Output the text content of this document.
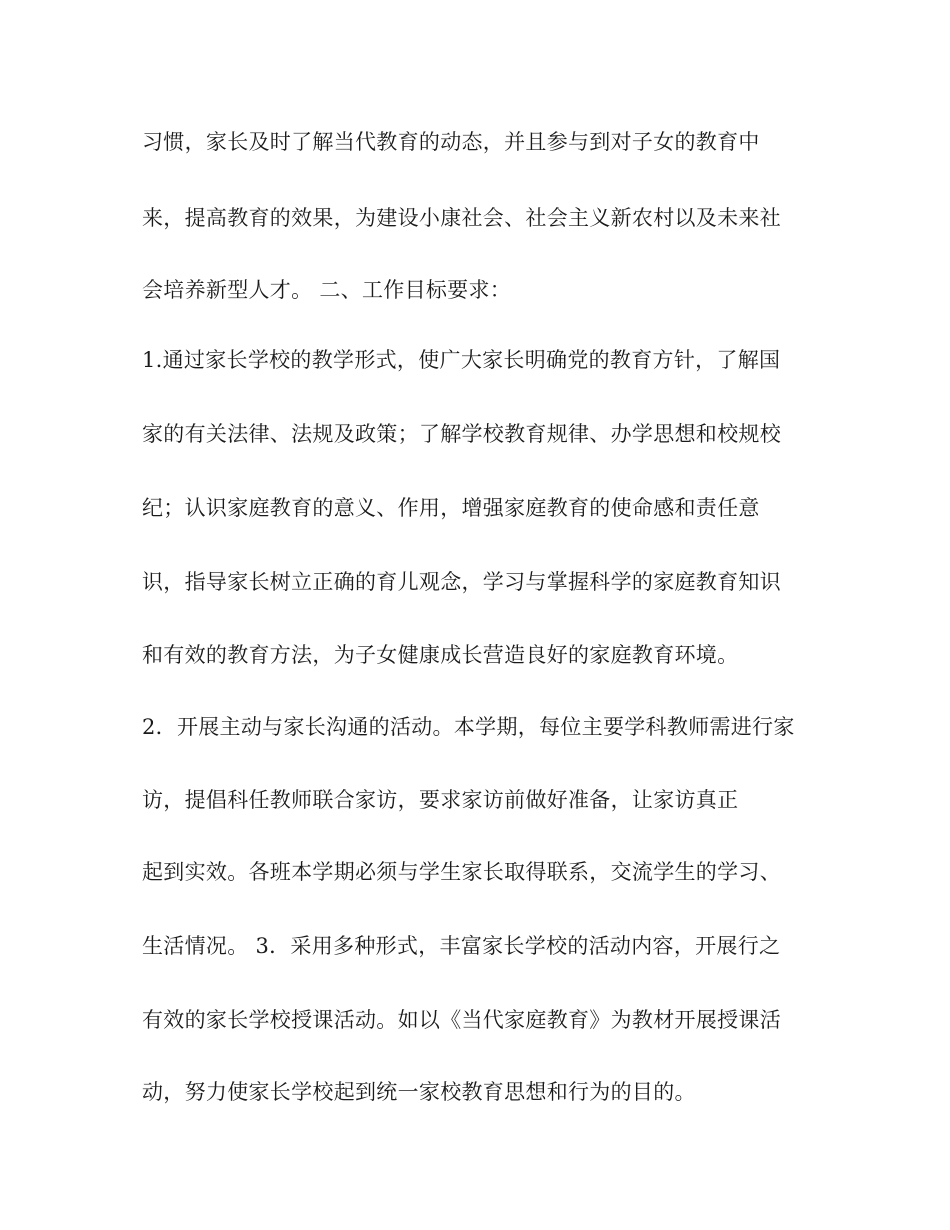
习惯，家长及时了解当代教育的动态，并且参与到对子女的教育中

来，提高教育的效果，为建设小康社会、社会主义新农村以及未来社

会培养新型人才。 二、工作目标要求：

1.通过家长学校的教学形式，使广大家长明确党的教育方针，了解国

家的有关法律、法规及政策；了解学校教育规律、办学思想和校规校

纪；认识家庭教育的意义、作用，增强家庭教育的使命感和责任意

识，指导家长树立正确的育儿观念，学习与掌握科学的家庭教育知识

和有效的教育方法，为子女健康成长营造良好的家庭教育环境。

2．开展主动与家长沟通的活动。本学期，每位主要学科教师需进行家

访，提倡科任教师联合家访，要求家访前做好准备，让家访真正

起到实效。各班本学期必须与学生家长取得联系，交流学生的学习、

生活情况。 3．采用多种形式，丰富家长学校的活动内容，开展行之

有效的家长学校授课活动。如以《当代家庭教育》为教材开展授课活

动，努力使家长学校起到统一家校教育思想和行为的目的。
